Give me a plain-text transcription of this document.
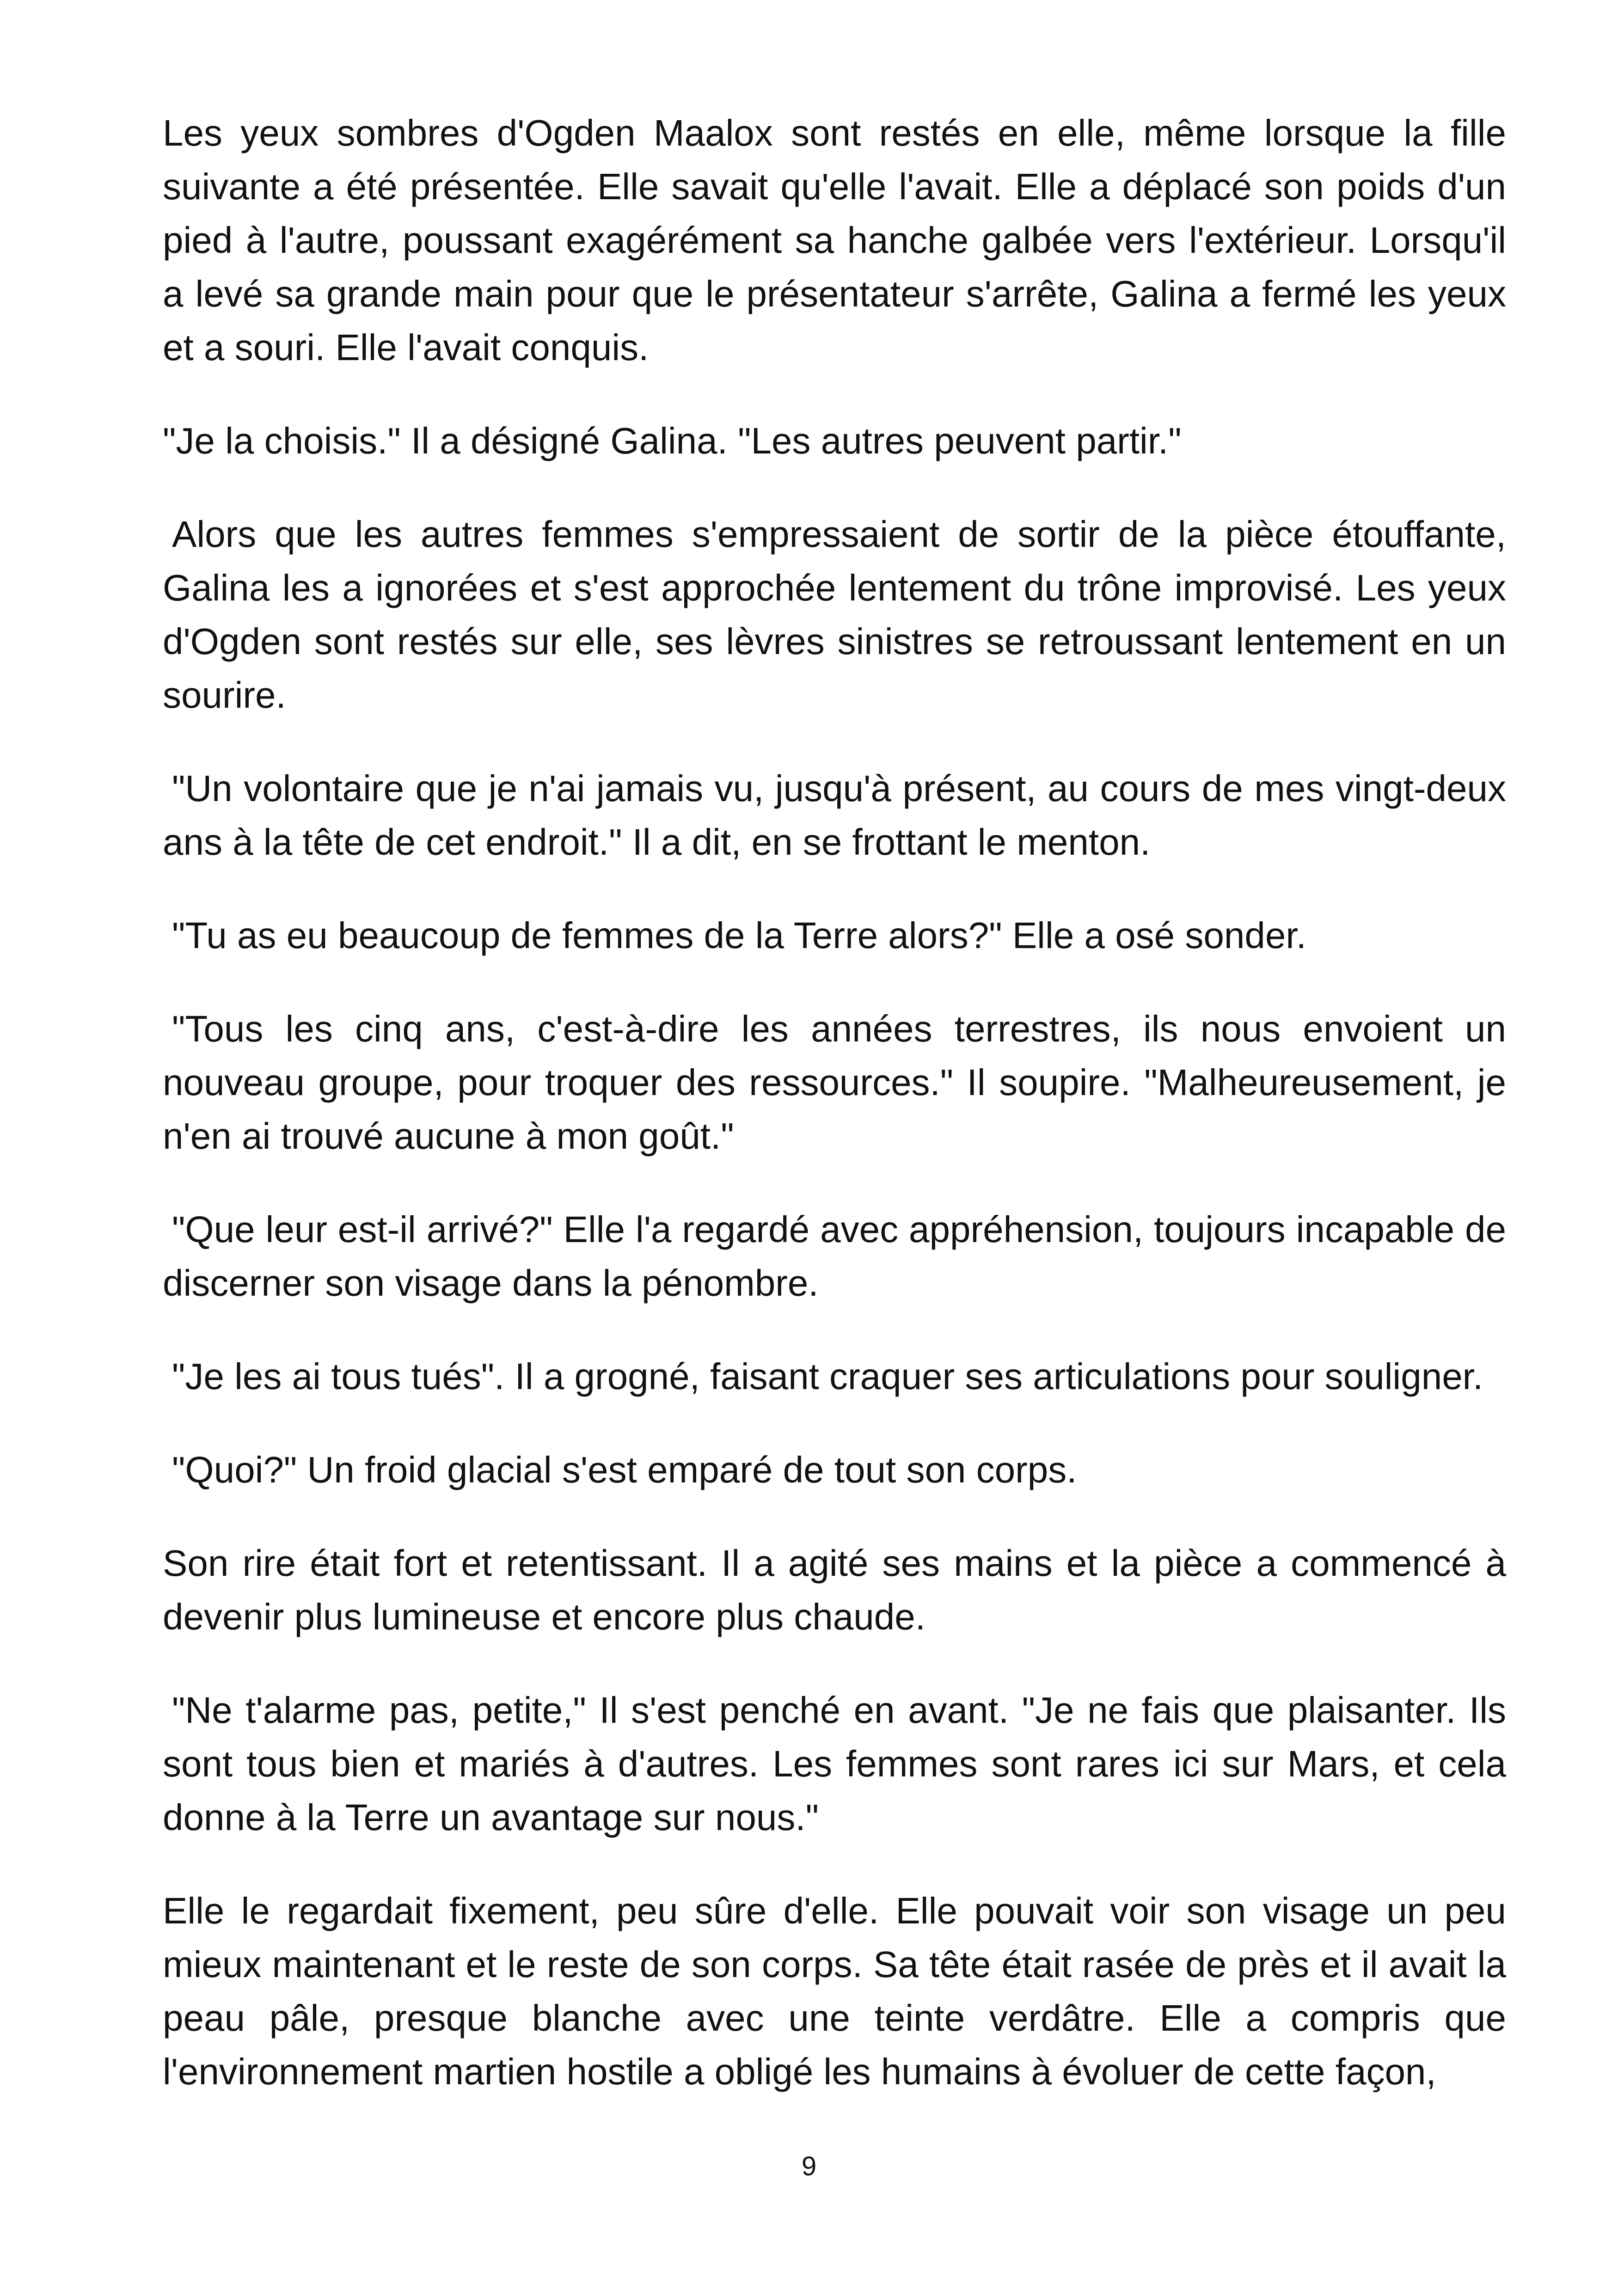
Les yeux sombres d'Ogden Maalox sont restés en elle, même lorsque la fille suivante a été présentée. Elle savait qu'elle l'avait. Elle a déplacé son poids d'un pied à l'autre, poussant exagérément sa hanche galbée vers l'extérieur. Lorsqu'il a levé sa grande main pour que le présentateur s'arrête, Galina a fermé les yeux et a souri. Elle l'avait conquis.

"Je la choisis." Il a désigné Galina. "Les autres peuvent partir."

Alors que les autres femmes s'empressaient de sortir de la pièce étouffante, Galina les a ignorées et s'est approchée lentement du trône improvisé. Les yeux d'Ogden sont restés sur elle, ses lèvres sinistres se retroussant lentement en un sourire.

"Un volontaire que je n'ai jamais vu, jusqu'à présent, au cours de mes vingt-deux ans à la tête de cet endroit." Il a dit, en se frottant le menton.

"Tu as eu beaucoup de femmes de la Terre alors?" Elle a osé sonder.

"Tous les cinq ans, c'est-à-dire les années terrestres, ils nous envoient un nouveau groupe, pour troquer des ressources." Il soupire. "Malheureusement, je n'en ai trouvé aucune à mon goût."

"Que leur est-il arrivé?" Elle l'a regardé avec appréhension, toujours incapable de discerner son visage dans la pénombre.

"Je les ai tous tués". Il a grogné, faisant craquer ses articulations pour souligner.

"Quoi?" Un froid glacial s'est emparé de tout son corps.

Son rire était fort et retentissant. Il a agité ses mains et la pièce a commencé à devenir plus lumineuse et encore plus chaude.

"Ne t'alarme pas, petite," Il s'est penché en avant. "Je ne fais que plaisanter. Ils sont tous bien et mariés à d'autres. Les femmes sont rares ici sur Mars, et cela donne à la Terre un avantage sur nous."

Elle le regardait fixement, peu sûre d'elle. Elle pouvait voir son visage un peu mieux maintenant et le reste de son corps. Sa tête était rasée de près et il avait la peau pâle, presque blanche avec une teinte verdâtre. Elle a compris que l'environnement martien hostile a obligé les humains à évoluer de cette façon,

9
